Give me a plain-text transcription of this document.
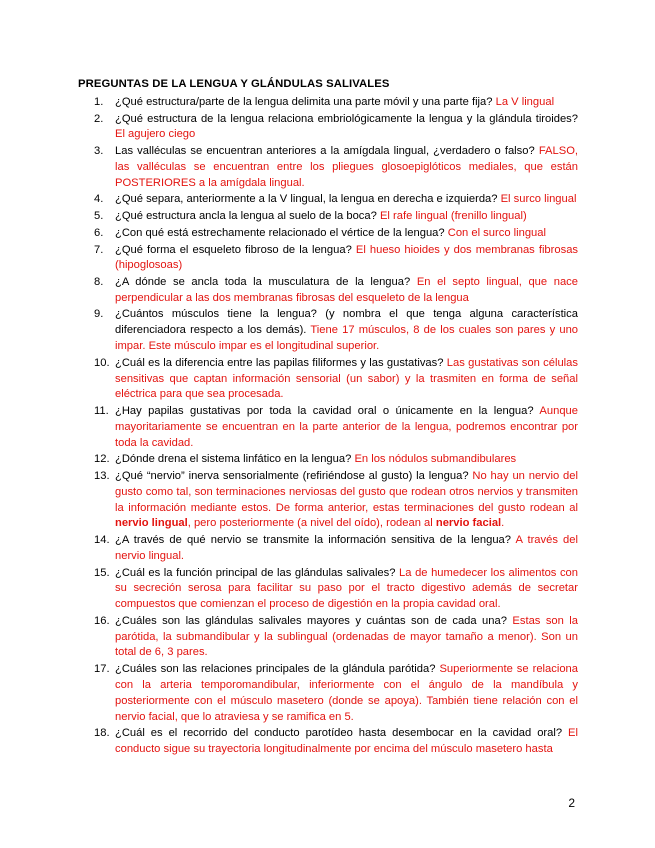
PREGUNTAS DE LA LENGUA Y GLÁNDULAS SALIVALES
1.	¿Qué estructura/parte de la lengua delimita una parte móvil y una parte fija? La V lingual
2.	¿Qué estructura de la lengua relaciona embriológicamente la lengua y la glándula tiroides? El agujero ciego
3.	Las valléculas se encuentran anteriores a la amígdala lingual, ¿verdadero o falso? FALSO, las valléculas se encuentran entre los pliegues glosoepiglóticos mediales, que están POSTERIORES a la amígdala lingual.
4.	¿Qué separa, anteriormente a la V lingual, la lengua en derecha e izquierda? El surco lingual
5.	¿Qué estructura ancla la lengua al suelo de la boca? El rafe lingual (frenillo lingual)
6.	¿Con qué está estrechamente relacionado el vértice de la lengua? Con el surco lingual
7.	¿Qué forma el esqueleto fibroso de la lengua? El hueso hioides y dos membranas fibrosas (hipoglosoas)
8.	¿A dónde se ancla toda la musculatura de la lengua? En el septo lingual, que nace perpendicular a las dos membranas fibrosas del esqueleto de la lengua
9.	¿Cuántos músculos tiene la lengua? (y nombra el que tenga alguna característica diferenciadora respecto a los demás). Tiene 17 músculos, 8 de los cuales son pares y uno impar. Este músculo impar es el longitudinal superior.
10. ¿Cuál es la diferencia entre las papilas filiformes y las gustativas? Las gustativas son células sensitivas que captan información sensorial (un sabor) y la trasmiten en forma de señal eléctrica para que sea procesada.
11. ¿Hay papilas gustativas por toda la cavidad oral o únicamente en la lengua? Aunque mayoritariamente se encuentran en la parte anterior de la lengua, podremos encontrar por toda la cavidad.
12. ¿Dónde drena el sistema linfático en la lengua? En los nódulos submandibulares
13. ¿Qué “nervio” inerva sensorialmente (refiriéndose al gusto) la lengua? No hay un nervio del gusto como tal, son terminaciones nerviosas del gusto que rodean otros nervios y transmiten la información mediante estos. De forma anterior, estas terminaciones del gusto rodean al nervio lingual, pero posteriormente (a nivel del oído), rodean al nervio facial.
14. ¿A través de qué nervio se transmite la información sensitiva de la lengua? A través del nervio lingual.
15. ¿Cuál es la función principal de las glándulas salivales? La de humedecer los alimentos con su secreción serosa para facilitar su paso por el tracto digestivo además de secretar compuestos que comienzan el proceso de digestión en la propia cavidad oral.
16. ¿Cuáles son las glándulas salivales mayores y cuántas son de cada una? Estas son la parótida, la submandibular y la sublingual (ordenadas de mayor tamaño a menor). Son un total de 6, 3 pares.
17. ¿Cuáles son las relaciones principales de la glándula parótida? Superiormente se relaciona con la arteria temporomandibular, inferiormente con el ángulo de la mandíbula y posteriormente con el músculo masetero (donde se apoya). También tiene relación con el nervio facial, que lo atraviesa y se ramifica en 5.
18. ¿Cuál es el recorrido del conducto parotídeo hasta desembocar en la cavidad oral? El conducto sigue su trayectoria longitudinalmente por encima del músculo masetero hasta
2
